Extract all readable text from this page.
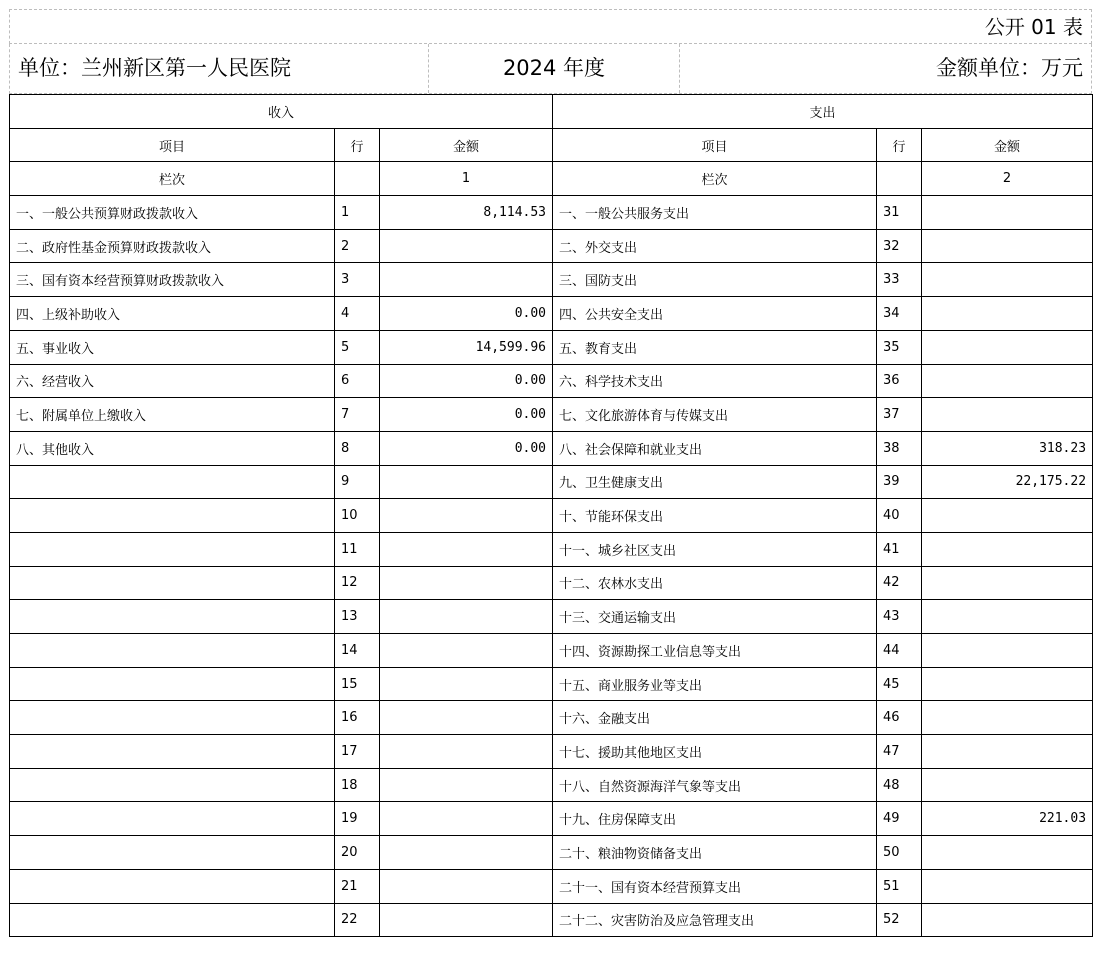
公开 01 表
单位：兰州新区第一人民医院	2024 年度	金额单位：万元
收入			支出		
项目	行	金额	项目	行	金额
栏次		1	栏次		2
一、一般公共预算财政拨款收入	1	8,114.53	一、一般公共服务支出	31	
二、政府性基金预算财政拨款收入	2		二、外交支出	32	
三、国有资本经营预算财政拨款收入	3		三、国防支出	33	
四、上级补助收入	4	0.00	四、公共安全支出	34	
五、事业收入	5	14,599.96	五、教育支出	35	
六、经营收入	6	0.00	六、科学技术支出	36	
七、附属单位上缴收入	7	0.00	七、文化旅游体育与传媒支出	37	
八、其他收入	8	0.00	八、社会保障和就业支出	38	318.23
	9		九、卫生健康支出	39	22,175.22
	10		十、节能环保支出	40	
	11		十一、城乡社区支出	41	
	12		十二、农林水支出	42	
	13		十三、交通运输支出	43	
	14		十四、资源勘探工业信息等支出	44	
	15		十五、商业服务业等支出	45	
	16		十六、金融支出	46	
	17		十七、援助其他地区支出	47	
	18		十八、自然资源海洋气象等支出	48	
	19		十九、住房保障支出	49	221.03
	20		二十、粮油物资储备支出	50	
	21		二十一、国有资本经营预算支出	51	
	22		二十二、灾害防治及应急管理支出	52	
